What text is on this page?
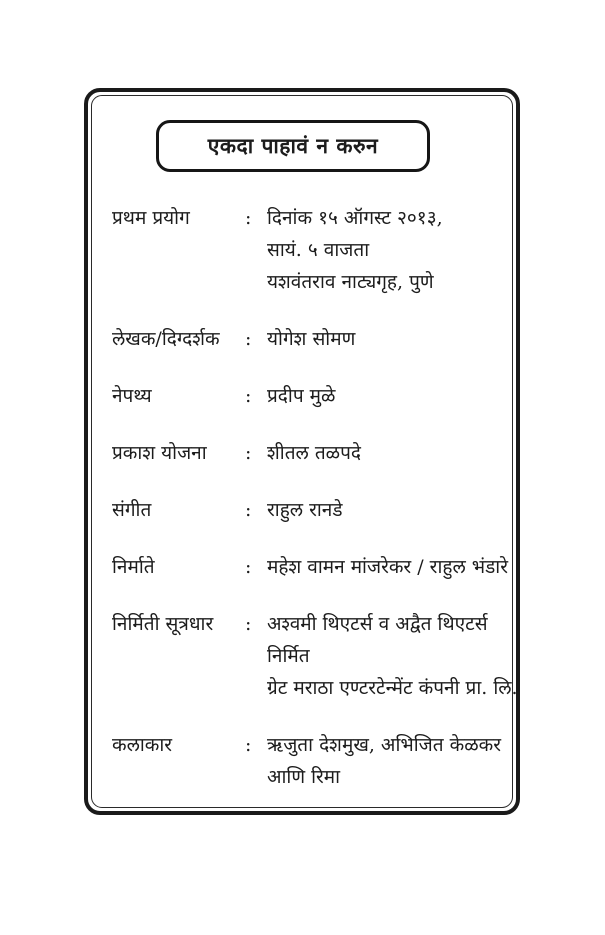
एकदा पाहावं न करुन
प्रथम प्रयोग	: दिनांक १५ ऑगस्ट २०१३,
सायं. ५ वाजता
यशवंतराव नाट्यगृह, पुणे
लेखक/दिग्दर्शक	: योगेश सोमण
नेपथ्य	: प्रदीप मुळे
प्रकाश योजना	: शीतल तळपदे
संगीत	: राहुल रानडे
निर्माते	: महेश वामन मांजरेकर / राहुल भंडारे
निर्मिती सूत्रधार	: अश्वमी थिएटर्स व अद्वैत थिएटर्स
निर्मित
ग्रेट मराठा एण्टरटेन्मेंट कंपनी प्रा. लि.
कलाकार	: ऋजुता देशमुख, अभिजित केळकर
आणि रिमा
